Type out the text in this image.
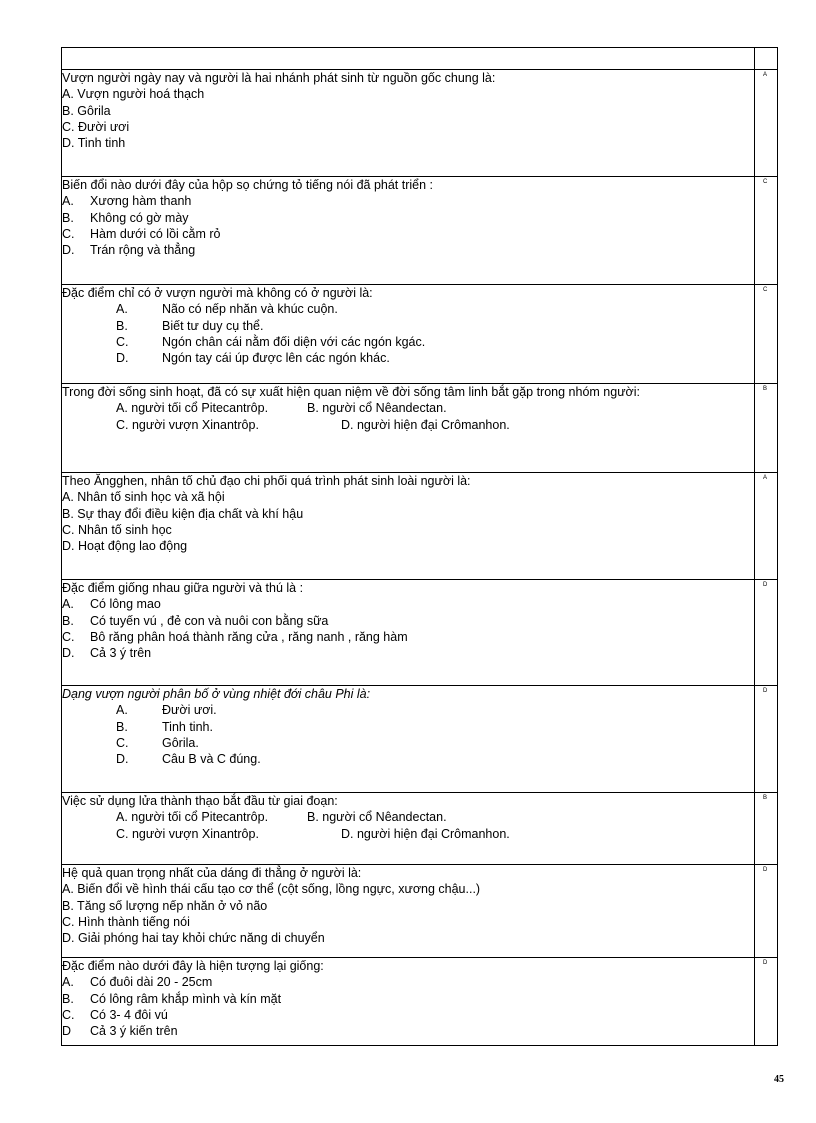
Vượn người ngày nay và người là hai nhánh phát sinh từ nguồn gốc chung là:
A. Vượn người hoá thạch
B. Gôrila
C. Đười ươi
D. Tinh tinh	A

Biến đổi nào dưới đây của hộp sọ chứng tỏ tiếng nói đã phát triển :
A. Xương hàm thanh
B. Không có gờ mày
C. Hàm dưới có lồi cằm rỏ
D. Trán rộng và thẳng	C

Đặc điểm chỉ có ở vượn người mà không có ở người là:
A. Não có nếp nhăn và khúc cuộn.
B. Biết tư duy cụ thể.
C. Ngón chân cái nằm đối diện với các ngón kgác.
D. Ngón tay cái úp được lên các ngón khác.	C

Trong đời sống sinh hoạt, đã có sự xuất hiện quan niệm về đời sống tâm linh bắt gặp trong nhóm người:
A. người tối cổ Pitecantrôp. B. người cổ Nêandectan.
C. người vượn Xinantrôp. D. người hiện đại Crômanhon.	B

Theo Ăngghen, nhân tố chủ đạo chi phối quá trình phát sinh loài người là:
A. Nhân tố sinh học và xã hội
B. Sự thay đổi điều kiện địa chất và khí hậu
C. Nhân tố sinh học
D. Hoạt động lao động	A

Đặc điểm giống nhau giữa người và thú là :
A. Có lông mao
B. Có tuyến vú , đẻ con và nuôi con bằng sữa
C. Bô răng phân hoá thành răng cửa , răng nanh , răng hàm
D. Cả 3 ý trên	D

Dạng vượn người phân bố ở vùng nhiệt đới châu Phi là:
A. Đười ươi.
B. Tinh tinh.
C. Gôrila.
D. Câu B và C đúng.	D

Việc sử dụng lửa thành thạo bắt đầu từ giai đoạn:
A. người tối cổ Pitecantrôp. B. người cổ Nêandectan.
C. người vượn Xinantrôp. D. người hiện đại Crômanhon.	B

Hệ quả quan trọng nhất của dáng đi thẳng ở người là:
A. Biến đổi về hình thái cấu tạo cơ thể (cột sống, lồng ngực, xương chậu...)
B. Tăng số lượng nếp nhăn ở vỏ não
C. Hình thành tiếng nói
D. Giải phóng hai tay khỏi chức năng di chuyển	D

Đặc điểm nào dưới đây là hiện tượng lại giống:
A. Có đuôi dài 20 - 25cm
B. Có lông râm khắp mình và kín mặt
C. Có 3- 4 đôi vú
D Cả 3 ý kiến trên	D
45
